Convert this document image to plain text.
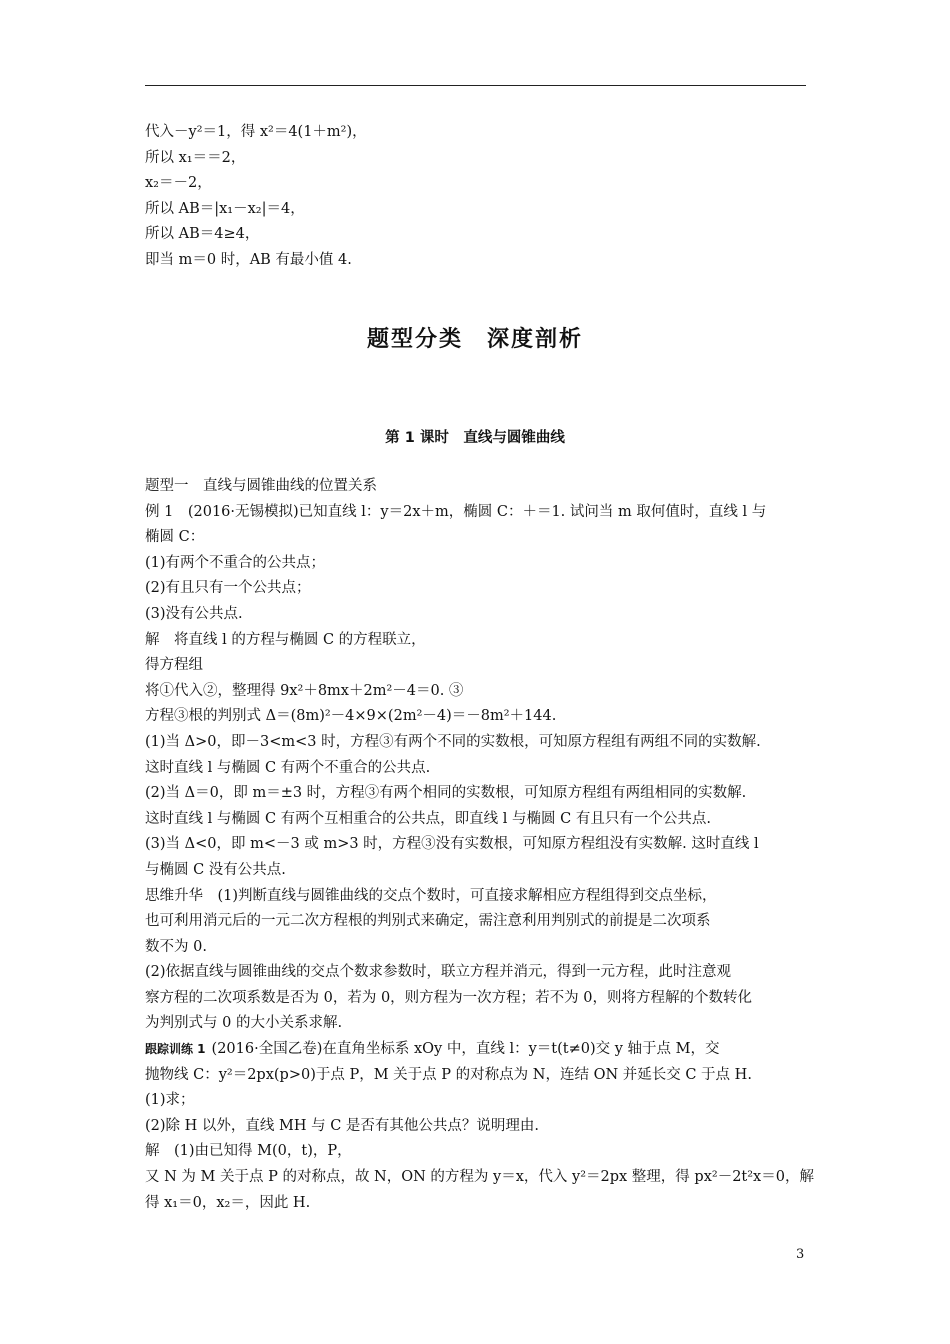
代入－y²＝1，得 x²＝4(1＋m²)，
所以 x₁＝＝2，
x₂＝－2，
所以 AB＝|x₁－x₂|＝4，
所以 AB＝4≥4，
即当 m＝0 时，AB 有最小值 4.
题型分类　深度剖析
第 1 课时　直线与圆锥曲线
题型一　直线与圆锥曲线的位置关系
例 1　(2016·无锡模拟)已知直线 l：y＝2x＋m，椭圆 C：＋＝1. 试问当 m 取何值时，直线 l 与
椭圆 C：
(1)有两个不重合的公共点；
(2)有且只有一个公共点；
(3)没有公共点.
解　将直线 l 的方程与椭圆 C 的方程联立，
得方程组
将①代入②，整理得 9x²＋8mx＋2m²－4＝0. ③
方程③根的判别式 Δ＝(8m)²－4×9×(2m²－4)＝－8m²＋144.
(1)当 Δ>0，即－3<m<3 时，方程③有两个不同的实数根，可知原方程组有两组不同的实数解.
这时直线 l 与椭圆 C 有两个不重合的公共点.
(2)当 Δ＝0，即 m＝±3 时，方程③有两个相同的实数根，可知原方程组有两组相同的实数解.
这时直线 l 与椭圆 C 有两个互相重合的公共点，即直线 l 与椭圆 C 有且只有一个公共点.
(3)当 Δ<0，即 m<－3 或 m>3 时，方程③没有实数根，可知原方程组没有实数解. 这时直线 l
与椭圆 C 没有公共点.
思维升华　(1)判断直线与圆锥曲线的交点个数时，可直接求解相应方程组得到交点坐标，
也可利用消元后的一元二次方程根的判别式来确定，需注意利用判别式的前提是二次项系
数不为 0.
(2)依据直线与圆锥曲线的交点个数求参数时，联立方程并消元，得到一元方程，此时注意观
察方程的二次项系数是否为 0，若为 0，则方程为一次方程；若不为 0，则将方程解的个数转化
为判别式与 0 的大小关系求解.
跟踪训练 1 (2016·全国乙卷)在直角坐标系 xOy 中，直线 l：y＝t(t≠0)交 y 轴于点 M，交
抛物线 C：y²＝2px(p>0)于点 P，M 关于点 P 的对称点为 N，连结 ON 并延长交 C 于点 H.
(1)求；
(2)除 H 以外，直线 MH 与 C 是否有其他公共点？说明理由.
解　(1)由已知得 M(0，t)，P，
又 N 为 M 关于点 P 的对称点，故 N，ON 的方程为 y＝x，代入 y²＝2px 整理，得 px²－2t²x＝0，解
得 x₁＝0，x₂＝，因此 H.
3
